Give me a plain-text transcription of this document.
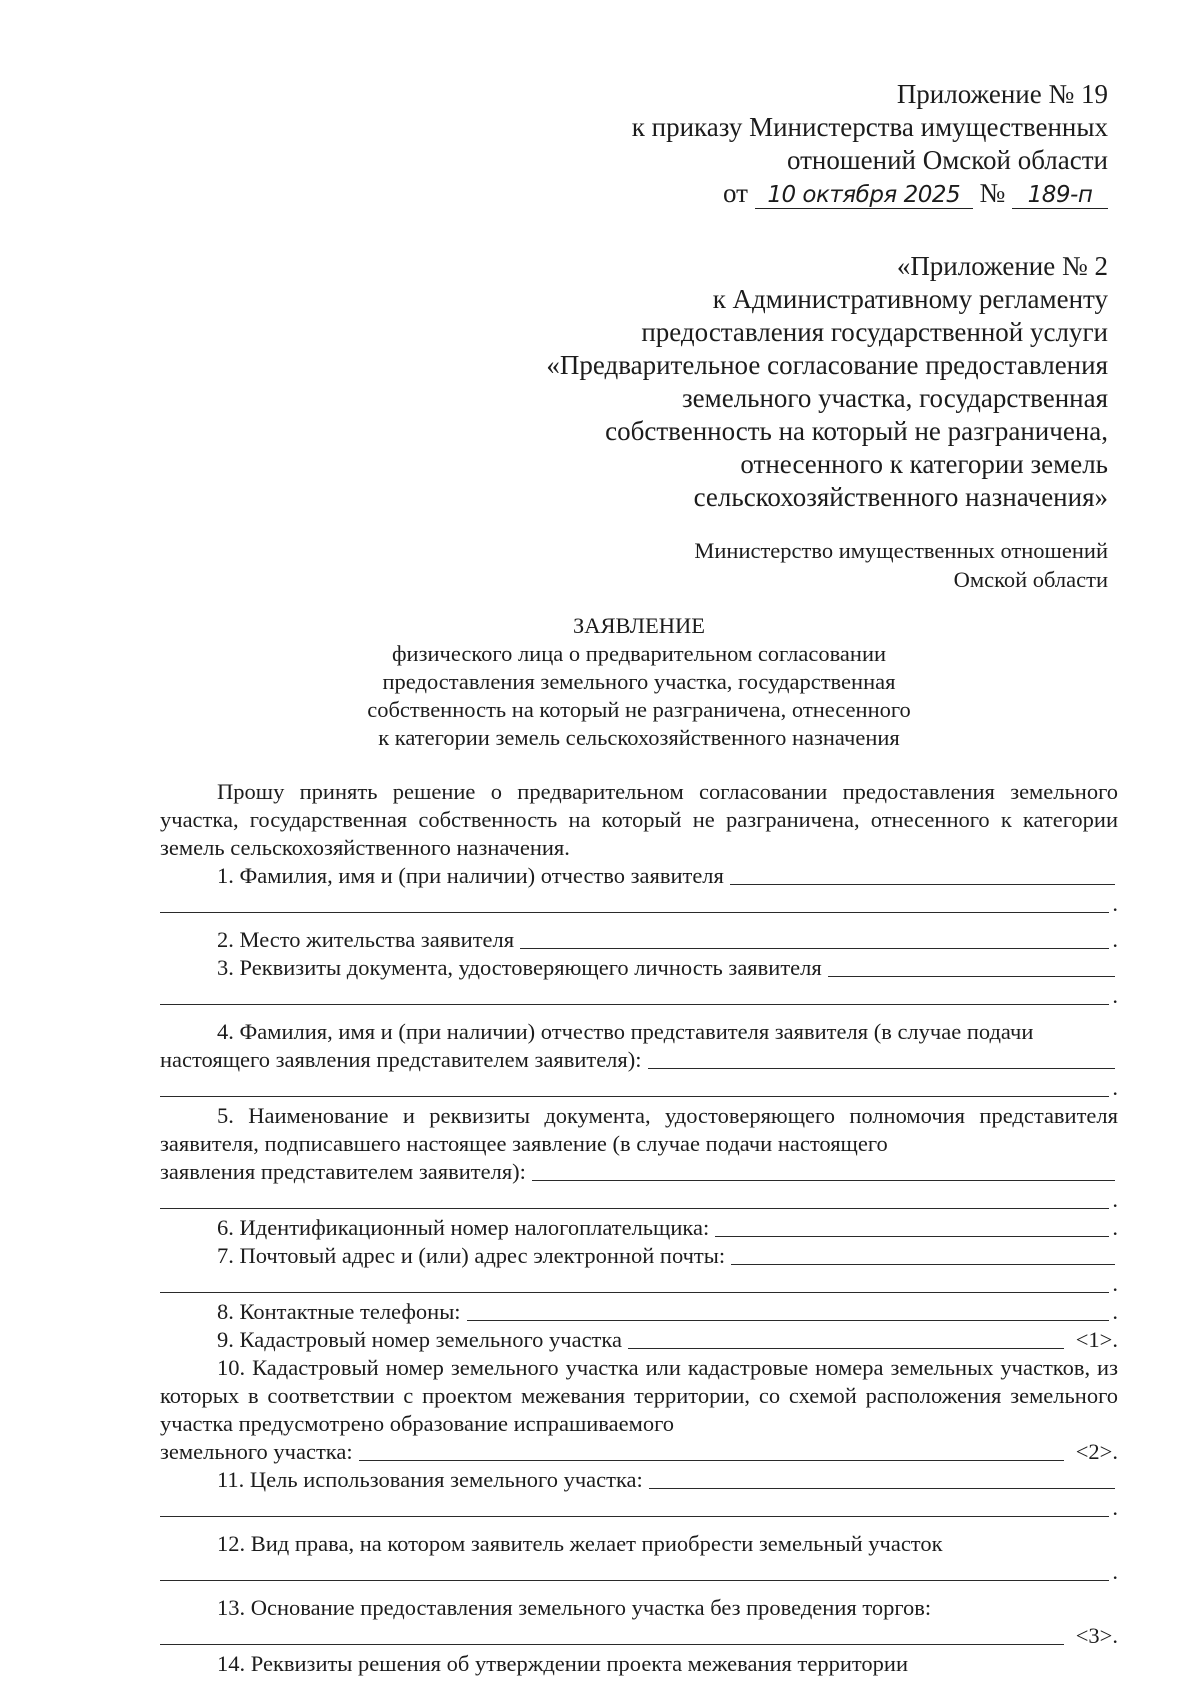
Приложение № 19
к приказу Министерства имущественных
отношений Омской области
от 10 октября 2025 № 189-п
«Приложение № 2
к Административному регламенту
предоставления государственной услуги
«Предварительное согласование предоставления
земельного участка, государственная
собственность на который не разграничена,
отнесенного к категории земель
сельскохозяйственного назначения»
Министерство имущественных отношений
Омской области
ЗАЯВЛЕНИЕ
физического лица о предварительном согласовании
предоставления земельного участка, государственная
собственность на который не разграничена, отнесенного
к категории земель сельскохозяйственного назначения
Прошу принять решение о предварительном согласовании предоставления земельного участка, государственная собственность на который не разграничена, отнесенного к категории земель сельскохозяйственного назначения.
1. Фамилия, имя и (при наличии) отчество заявителя
.
2. Место жительства заявителя	.
3. Реквизиты документа, удостоверяющего личность заявителя
.
4. Фамилия, имя и (при наличии) отчество представителя заявителя (в случае подачи
настоящего заявления представителем заявителя):
.
5. Наименование и реквизиты документа, удостоверяющего полномочия представителя заявителя, подписавшего настоящее заявление (в случае подачи настоящего
заявления представителем заявителя):
.
6. Идентификационный номер налогоплательщика:	.
7. Почтовый адрес и (или) адрес электронной почты:
.
8. Контактные телефоны:	.
9. Кадастровый номер земельного участка	<1>.
10. Кадастровый номер земельного участка или кадастровые номера земельных участков, из которых в соответствии с проектом межевания территории, со схемой расположения земельного участка предусмотрено образование испрашиваемого
земельного участка:	<2>.
11. Цель использования земельного участка:
.
12. Вид права, на котором заявитель желает приобрести земельный участок
.
13. Основание предоставления земельного участка без проведения торгов:
<3>.
14. Реквизиты решения об утверждении проекта межевания территории
